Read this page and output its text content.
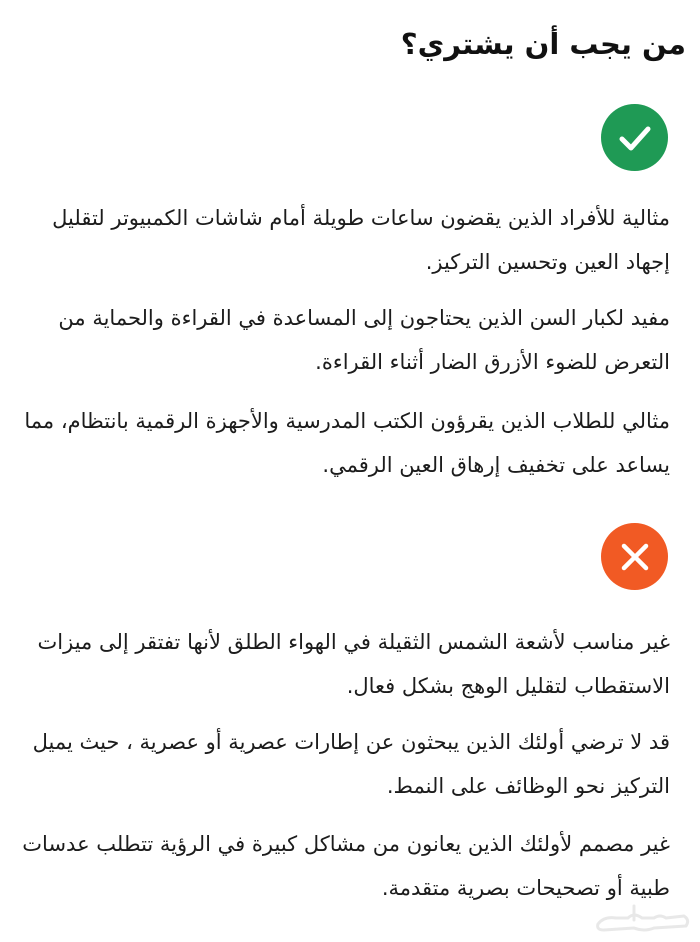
من يجب أن يشتري؟

مثالية للأفراد الذين يقضون ساعات طويلة أمام شاشات الكمبيوتر لتقليل إجهاد العين وتحسين التركيز.

مفيد لكبار السن الذين يحتاجون إلى المساعدة في القراءة والحماية من التعرض للضوء الأزرق الضار أثناء القراءة.

مثالي للطلاب الذين يقرؤون الكتب المدرسية والأجهزة الرقمية بانتظام، مما يساعد على تخفيف إرهاق العين الرقمي.

غير مناسب لأشعة الشمس الثقيلة في الهواء الطلق لأنها تفتقر إلى ميزات الاستقطاب لتقليل الوهج بشكل فعال.

قد لا ترضي أولئك الذين يبحثون عن إطارات عصرية أو عصرية ، حيث يميل التركيز نحو الوظائف على النمط.

غير مصمم لأولئك الذين يعانون من مشاكل كبيرة في الرؤية تتطلب عدسات طبية أو تصحيحات بصرية متقدمة.
